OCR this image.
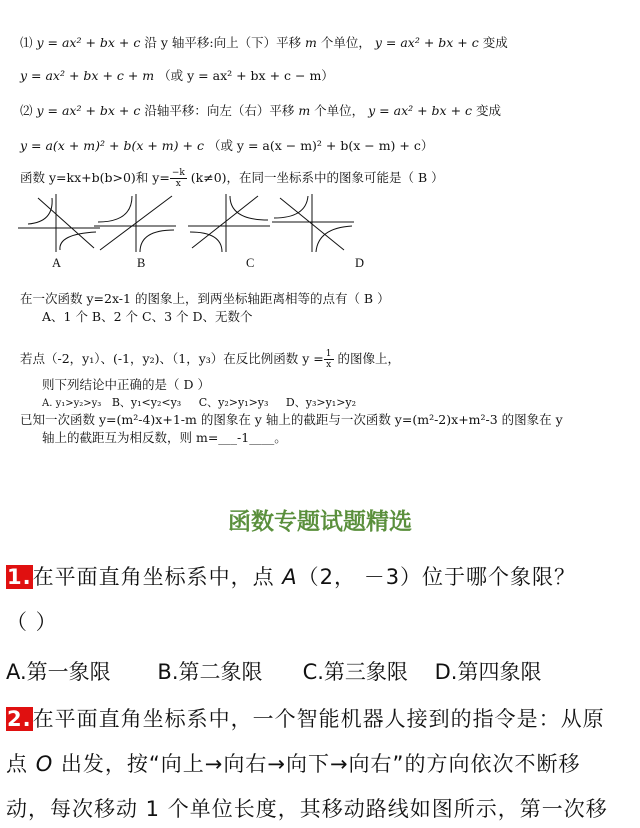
⑴ y = ax² + bx + c 沿 y 轴平移:向上（下）平移 m 个单位， y = ax² + bx + c 变成
y = ax² + bx + c + m （或 y = ax² + bx + c − m）
⑵ y = ax² + bx + c 沿轴平移：向左（右）平移 m 个单位， y = ax² + bx + c 变成
y = a(x + m)² + b(x + m) + c （或 y = a(x − m)² + b(x − m) + c）
函数 y=kx+b(b>0)和 $y= \frac{-k}{x} (k\ne 0)$，在同一坐标系中的图象可能是（ B ）
A	B	C	D
在一次函数 y=2x-1 的图象上，到两坐标轴距离相等的点有（ B ）
A、1 个 B、2 个 C、3 个 D、无数个
若点（-2，y₁）、(-1，y₂)、（1，y₃）在反比例函数 $y = \frac{1}{x}$ 的图像上，
则下列结论中正确的是（ D ）
A. y₁>y₂>y₃ B、y₁<y₂<y₃ C、y₂>y₁>y₃ D、y₃>y₁>y₂
已知一次函数 y=(m²-4)x+1-m 的图象在 y 轴上的截距与一次函数 y=(m²-2)x+m²-3 的图象在 y
轴上的截距互为相反数，则 m=___-1____。
函数专题试题精选
1.在平面直角坐标系中，点 A（2， －3）位于哪个象限？
（ ）
A.第一象限 B.第二象限 C.第三象限 D.第四象限
2.在平面直角坐标系中，一个智能机器人接到的指令是：从原
点 O 出发，按“向上→向右→向下→向右”的方向依次不断移
动，每次移动 1 个单位长度，其移动路线如图所示，第一次移
